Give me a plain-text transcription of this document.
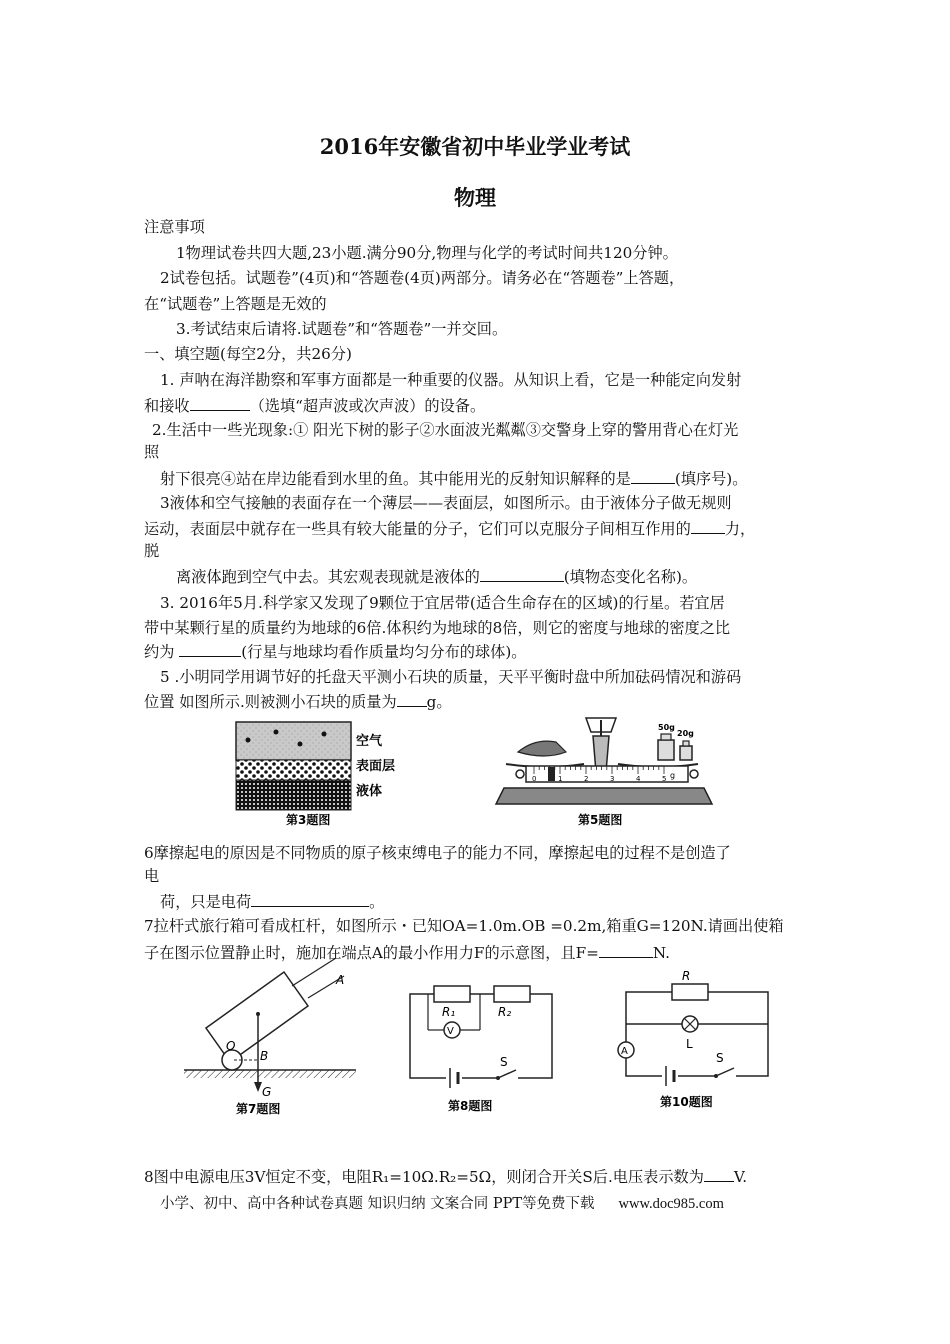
2016年安徽省初中毕业学业考试
物理
注意事项
1物理试卷共四大题,23小题.满分90分,物理与化学的考试时间共120分钟。
2试卷包括。试题卷”(4页)和“答题卷(4页)两部分。请务必在“答题卷”上答题，
在“试题卷”上答题是无效的
3.考试结束后请将.试题卷”和“答题卷”一并交回。
一、填空题(每空2分，共26分)
1. 声呐在海洋勘察和军事方面都是一种重要的仪器。从知识上看，它是一种能定向发射
和接收	（选填“超声波或次声波）的设备。
2.生活中一些光现象:① 阳光下树的影子②水面波光粼粼③交警身上穿的警用背心在灯光
照
射下很亮④站在岸边能看到水里的鱼。其中能用光的反射知识解释的是	(填序号)。
3液体和空气接触的表面存在一个薄层——表面层，如图所示。由于液体分子做无规则
运动，表面层中就存在一些具有较大能量的分子，它们可以克服分子间相互作用的 力，
脱
离液体跑到空气中去。其宏观表现就是液体的	(填物态变化名称)。
3. 2016年5月.科学家又发现了9颗位于宜居带(适合生命存在的区域)的行星。若宜居
带中某颗行星的质量约为地球的6倍.体积约为地球的8倍，则它的密度与地球的密度之比
约为	(行星与地球均看作质量均匀分布的球体)。
5 .小明同学用调节好的托盘天平测小石块的质量，天平平衡时盘中所加砝码情况和游码
位置 如图所示.则被测小石块的质量为 g。
空气
表面层
液体
第3题图
50g
20g
0	1	2	3	4	5 g
第5题图
6摩擦起电的原因是不同物质的原子核束缚电子的能力不同，摩擦起电的过程不是创造了
电
荷，只是电荷	。
7拉杆式旅行箱可看成杠杆，如图所示・已知OA=1.0m.OB =0.2m,箱重G=120N.请画出使箱
子在图示位置静止时，施加在端点A的最小作用力F的示意图，且F=	N.
A
O
B
G
第7题图
R₁	R₂
V
S
第8题图
R
L
A	S
第10题图
8图中电源电压3V恒定不变，电阻R₁=10Ω.R₂=5Ω，则闭合开关S后.电压表示数为 V.
小学、初中、高中各种试卷真题 知识归纳 文案合同 PPT等免费下载 www.doc985.com
